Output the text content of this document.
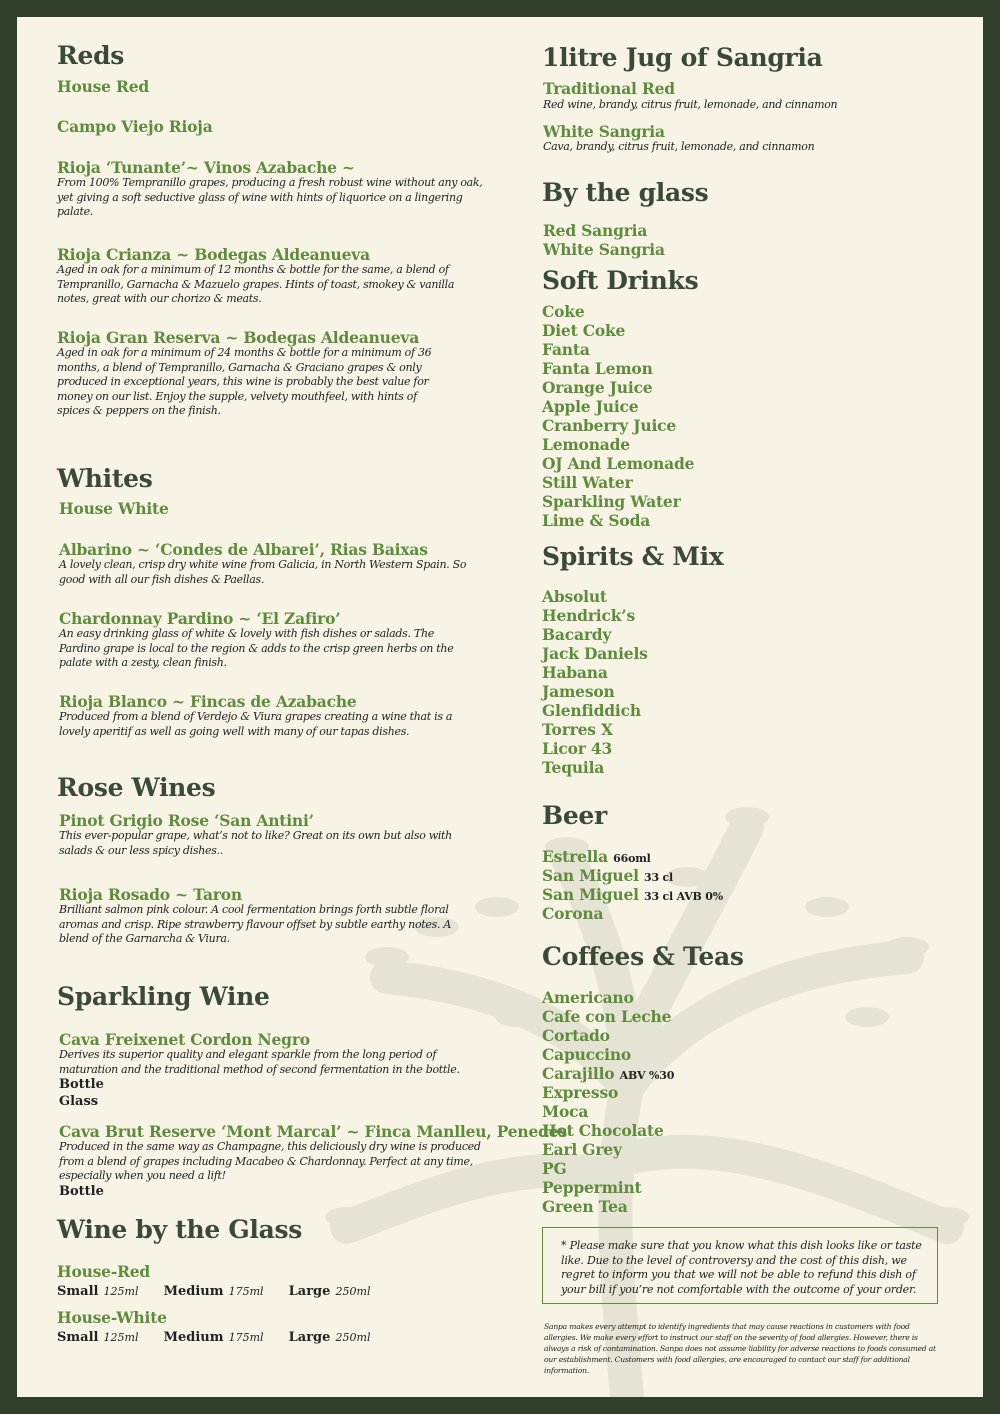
Reds
House Red
Campo Viejo Rioja
Rioja ‘Tunante’~ Vinos Azabache ~
From 100% Tempranillo grapes, producing a fresh robust wine without any oak, yet giving a soft seductive glass of wine with hints of liquorice on a lingering palate.
Rioja Crianza ~ Bodegas Aldeanueva
Aged in oak for a minimum of 12 months & bottle for the same, a blend of Tempranillo, Garnacha & Mazuelo grapes. Hints of toast, smokey & vanilla notes, great with our chorizo & meats.
Rioja Gran Reserva ~ Bodegas Aldeanueva
Aged in oak for a minimum of 24 months & bottle for a minimum of 36 months, a blend of Tempranillo, Garnacha & Graciano grapes & only produced in exceptional years, this wine is probably the best value for money on our list. Enjoy the supple, velvety mouthfeel, with hints of spices & peppers on the finish.
Whites
House White
Albarino ~ ‘Condes de Albarei’, Rias Baixas
A lovely clean, crisp dry white wine from Galicia, in North Western Spain. So good with all our fish dishes & Paellas.
Chardonnay Pardino ~ ‘El Zafiro’
An easy drinking glass of white & lovely with fish dishes or salads. The Pardino grape is local to the region & adds to the crisp green herbs on the palate with a zesty, clean finish.
Rioja Blanco ~ Fincas de Azabache
Produced from a blend of Verdejo & Viura grapes creating a wine that is a lovely aperitif as well as going well with many of our tapas dishes.
Rose Wines
Pinot Grigio Rose ‘San Antini’
This ever-popular grape, what’s not to like? Great on its own but also with salads & our less spicy dishes..
Rioja Rosado ~ Taron
Brilliant salmon pink colour. A cool fermentation brings forth subtle floral aromas and crisp. Ripe strawberry flavour offset by subtle earthy notes. A blend of the Garnarcha & Viura.
Sparkling Wine
Cava Freixenet Cordon Negro
Derives its superior quality and elegant sparkle from the long period of maturation and the traditional method of second fermentation in the bottle.
Bottle
Glass
Cava Brut Reserve ‘Mont Marcal’ ~ Finca Manlleu, Penedes
Produced in the same way as Champagne, this deliciously dry wine is produced from a blend of grapes including Macabeo & Chardonnay. Perfect at any time, especially when you need a lift!
Bottle
Wine by the Glass
House-Red
Small 125ml Medium 175ml Large 250ml
House-White
Small 125ml Medium 175ml Large 250ml
1litre Jug of Sangria
Traditional Red
Red wine, brandy, citrus fruit, lemonade, and cinnamon
White Sangria
Cava, brandy, citrus fruit, lemonade, and cinnamon
By the glass
Red Sangria
White Sangria
Soft Drinks
Coke
Diet Coke
Fanta
Fanta Lemon
Orange Juice
Apple Juice
Cranberry Juice
Lemonade
OJ And Lemonade
Still Water
Sparkling Water
Lime & Soda
Spirits & Mix
Absolut
Hendrick’s
Bacardy
Jack Daniels
Habana
Jameson
Glenfiddich
Torres X
Licor 43
Tequila
Beer
Estrella 66oml
San Miguel 33 cl
San Miguel 33 cl AVB 0%
Corona
Coffees & Teas
Americano
Cafe con Leche
Cortado
Capuccino
Carajillo ABV %30
Expresso
Moca
Hot Chocolate
Earl Grey
PG
Peppermint
Green Tea

* Please make sure that you know what this dish looks like or taste like. Due to the level of controversy and the cost of this dish, we regret to inform you that we will not be able to refund this dish of your bill if you’re not comfortable with the outcome of your order.

Sanpa makes every attempt to identify ingredients that may cause reactions in customers with food allergies. We make every effort to instruct our staff on the severity of food allergies. However, there is always a risk of contamination. Sanpa does not assume liability for adverse reactions to foods consumed at our establishment. Customers with food allergies, are encouraged to contact our staff for additional information.
